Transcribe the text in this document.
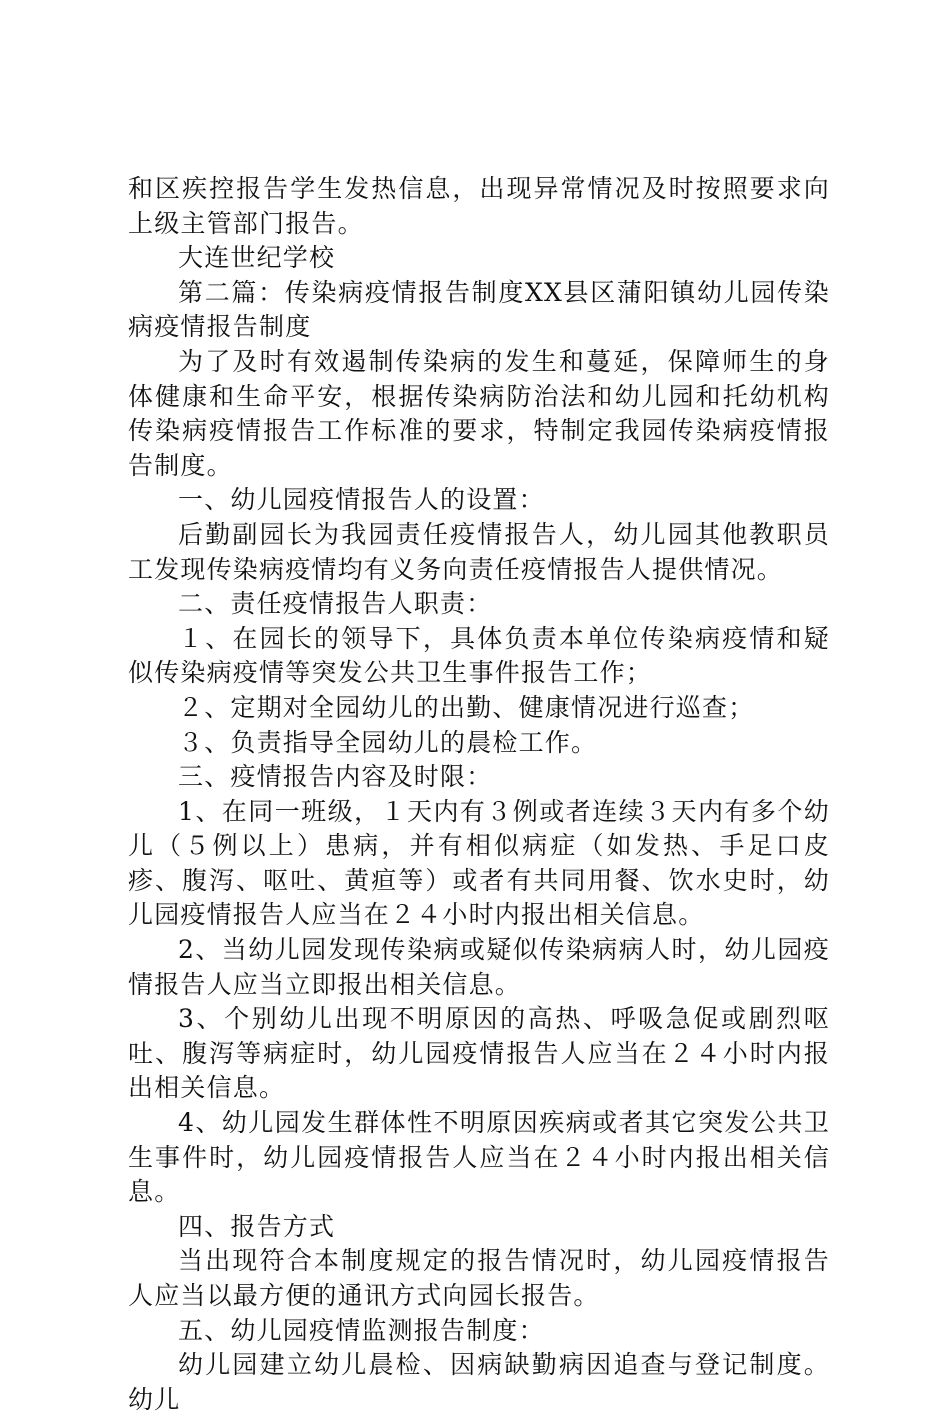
和区疾控报告学生发热信息，出现异常情况及时按照要求向上级主管部门报告。

大连世纪学校

第二篇：传染病疫情报告制度XX县区蒲阳镇幼儿园传染病疫情报告制度

为了及时有效遏制传染病的发生和蔓延，保障师生的身体健康和生命平安，根据传染病防治法和幼儿园和托幼机构传染病疫情报告工作标准的要求，特制定我园传染病疫情报告制度。

一、幼儿园疫情报告人的设置：

后勤副园长为我园责任疫情报告人，幼儿园其他教职员工发现传染病疫情均有义务向责任疫情报告人提供情况。

二、责任疫情报告人职责：

１、在园长的领导下，具体负责本单位传染病疫情和疑似传染病疫情等突发公共卫生事件报告工作；

２、定期对全园幼儿的出勤、健康情况进行巡查；

３、负责指导全园幼儿的晨检工作。

三、疫情报告内容及时限：

1、在同一班级，１天内有３例或者连续３天内有多个幼儿（５例以上）患病，并有相似病症（如发热、手足口皮疹、腹泻、呕吐、黄疸等）或者有共同用餐、饮水史时，幼儿园疫情报告人应当在２４小时内报出相关信息。

2、当幼儿园发现传染病或疑似传染病病人时，幼儿园疫情报告人应当立即报出相关信息。

3、个别幼儿出现不明原因的高热、呼吸急促或剧烈呕吐、腹泻等病症时，幼儿园疫情报告人应当在２４小时内报出相关信息。

4、幼儿园发生群体性不明原因疾病或者其它突发公共卫生事件时，幼儿园疫情报告人应当在２４小时内报出相关信息。

四、报告方式

当出现符合本制度规定的报告情况时，幼儿园疫情报告人应当以最方便的通讯方式向园长报告。

五、幼儿园疫情监测报告制度：

幼儿园建立幼儿晨检、因病缺勤病因追查与登记制度。幼儿
